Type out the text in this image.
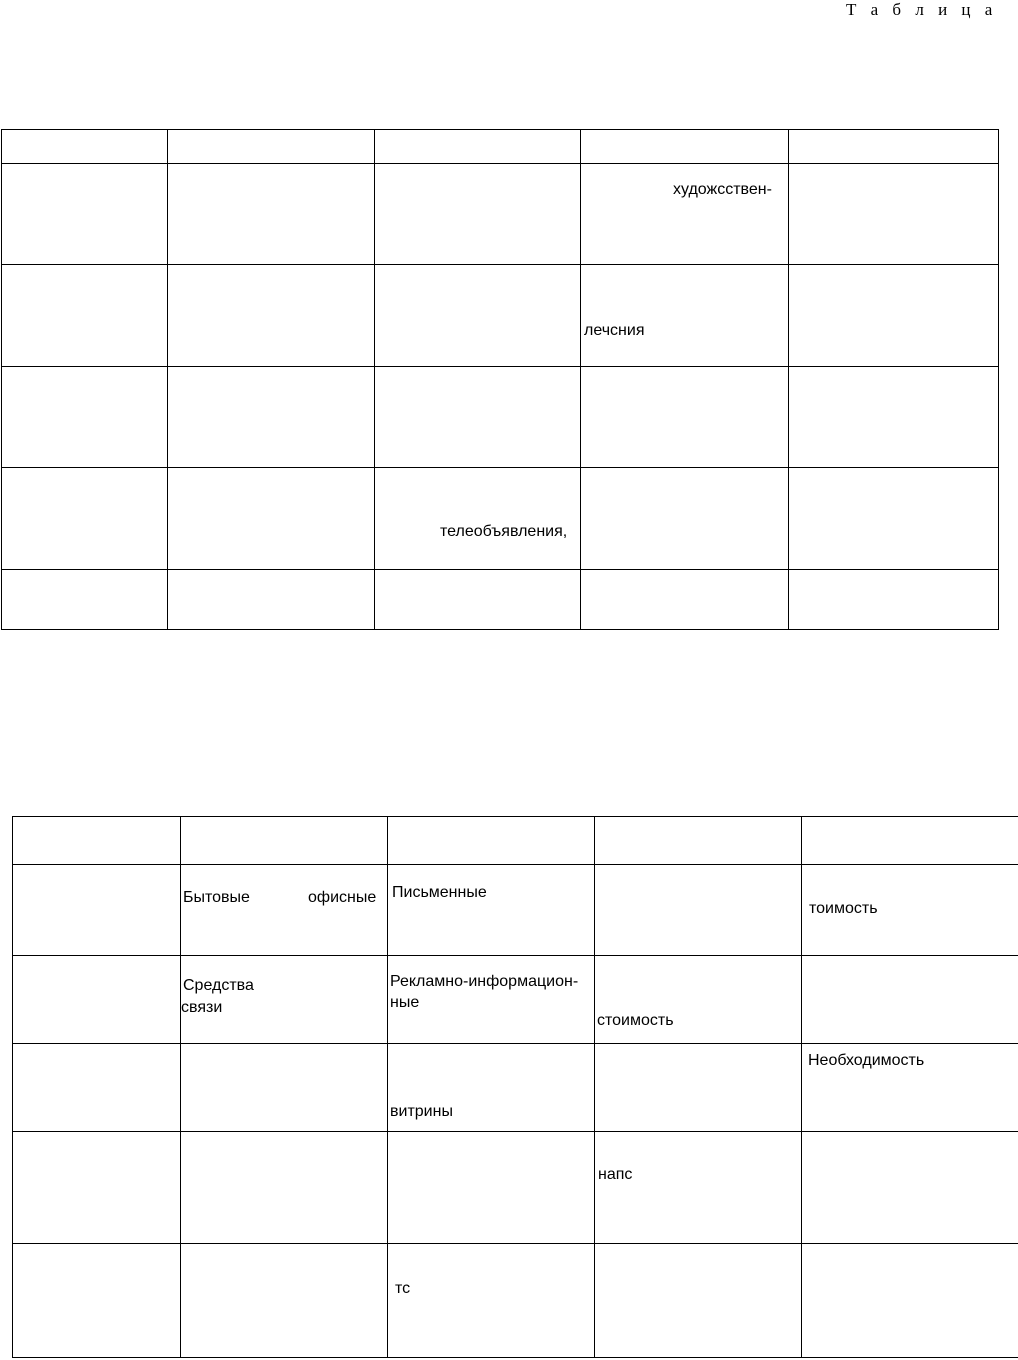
Т а б л и ц а

			художсствен-	

			лечсния	

		телеобъявления,		

	Бытовые офисные	Письменные		тоимость

	Средства
связи	Рекламно-информацион-
ные	стоимость	

		витрины		Необходимость

			напс	

		тс		
